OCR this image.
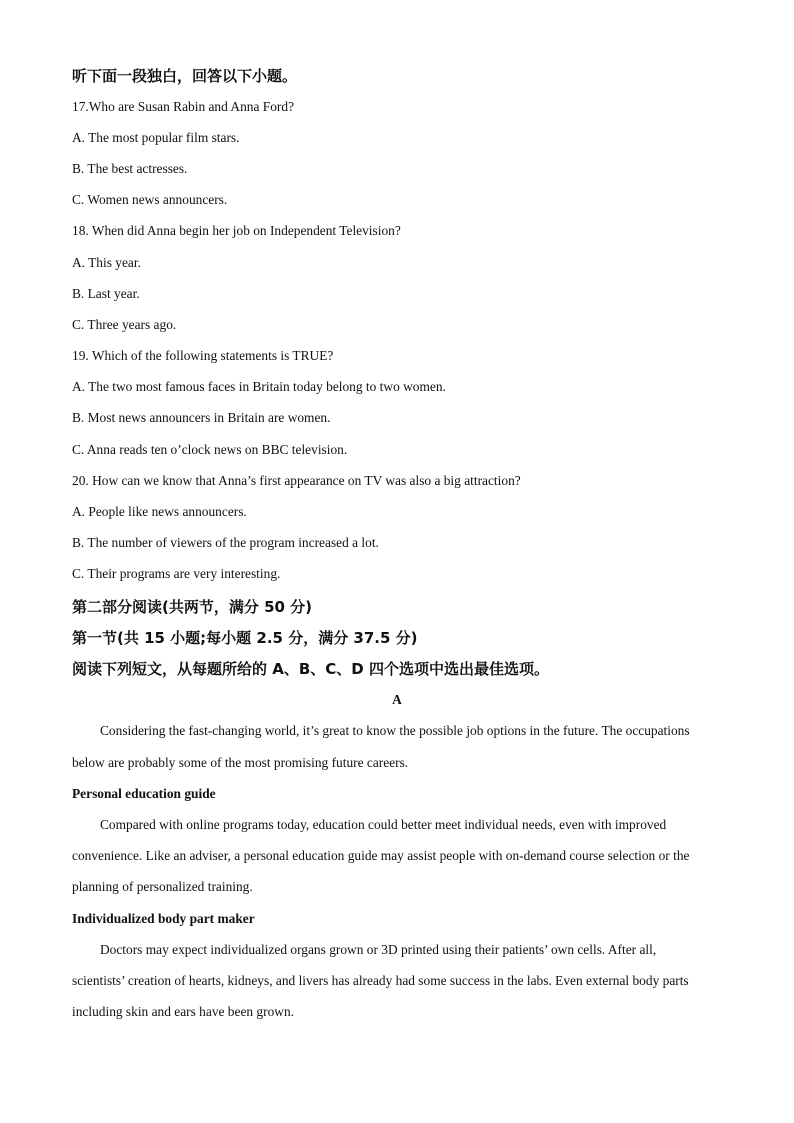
听下面一段独白，回答以下小题。
17.Who are Susan Rabin and Anna Ford?
A. The most popular film stars.
B. The best actresses.
C. Women news announcers.
18. When did Anna begin her job on Independent Television?
A. This year.
B. Last year.
C. Three years ago.
19. Which of the following statements is TRUE?
A. The two most famous faces in Britain today belong to two women.
B. Most news announcers in Britain are women.
C. Anna reads ten o’clock news on BBC television.
20. How can we know that Anna’s first appearance on TV was also a big attraction?
A. People like news announcers.
B. The number of viewers of the program increased a lot.
C. Their programs are very interesting.
第二部分阅读(共两节，满分 50 分)
第一节(共 15 小题;每小题 2.5 分，满分 37.5 分)
阅读下列短文，从每题所给的 A、B、C、D 四个选项中选出最佳选项。
A
Considering the fast-changing world, it’s great to know the possible job options in the future. The occupations
below are probably some of the most promising future careers.
Personal education guide
Compared with online programs today, education could better meet individual needs, even with improved
convenience. Like an adviser, a personal education guide may assist people with on-demand course selection or the
planning of personalized training.
Individualized body part maker
Doctors may expect individualized organs grown or 3D printed using their patients’ own cells. After all,
scientists’ creation of hearts, kidneys, and livers has already had some success in the labs. Even external body parts
including skin and ears have been grown.
